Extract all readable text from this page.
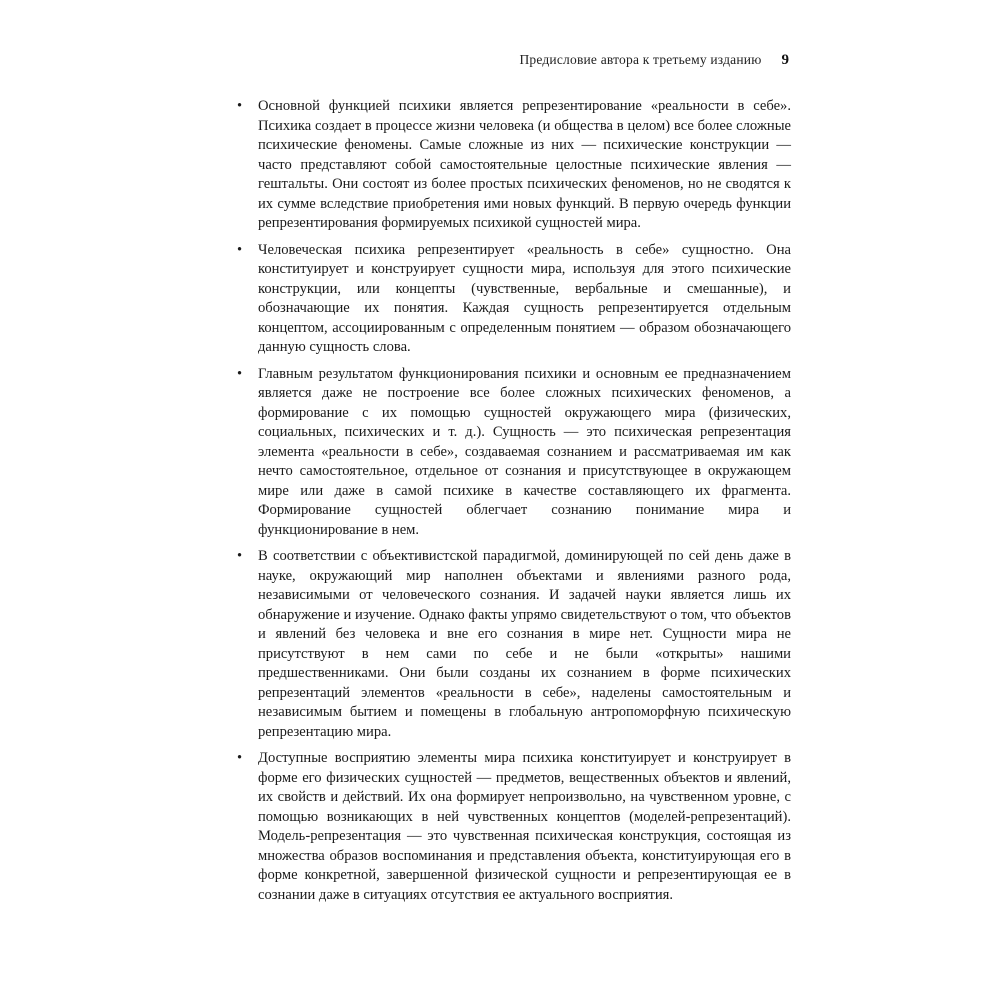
Предисловие автора к третьему изданию 9
•	Основной функцией психики является репрезентирование «реальности в себе». Психика создает в процессе жизни человека (и общества в целом) все более сложные психические феномены. Самые сложные из них — психические конструкции — часто представляют собой самостоятельные целостные психические явления — гештальты. Они состоят из более простых психических феноменов, но не сводятся к их сумме вследствие приобретения ими новых функций. В первую очередь функции репрезентирования формируемых психикой сущностей мира.

•	Человеческая психика репрезентирует «реальность в себе» сущностно. Она конституирует и конструирует сущности мира, используя для этого психические конструкции, или концепты (чувственные, вербальные и смешанные), и обозначающие их понятия. Каждая сущность репрезентируется отдельным концептом, ассоциированным с определенным понятием — образом обозначающего данную сущность слова.

•	Главным результатом функционирования психики и основным ее предназначением является даже не построение все более сложных психических феноменов, а формирование с их помощью сущностей окружающего мира (физических, социальных, психических и т. д.). Сущность — это психическая репрезентация элемента «реальности в себе», создаваемая сознанием и рассматриваемая им как нечто самостоятельное, отдельное от сознания и присутствующее в окружающем мире или даже в самой психике в качестве составляющего их фрагмента. Формирование сущностей облегчает сознанию понимание мира и функционирование в нем.

•	В соответствии с объективистской парадигмой, доминирующей по сей день даже в науке, окружающий мир наполнен объектами и явлениями разного рода, независимыми от человеческого сознания. И задачей науки является лишь их обнаружение и изучение. Однако факты упрямо свидетельствуют о том, что объектов и явлений без человека и вне его сознания в мире нет. Сущности мира не присутствуют в нем сами по себе и не были «открыты» нашими предшественниками. Они были созданы их сознанием в форме психических репрезентаций элементов «реальности в себе», наделены самостоятельным и независимым бытием и помещены в глобальную антропоморфную психическую репрезентацию мира.

•	Доступные восприятию элементы мира психика конституирует и конструирует в форме его физических сущностей — предметов, вещественных объектов и явлений, их свойств и действий. Их она формирует непроизвольно, на чувственном уровне, с помощью возникающих в ней чувственных концептов (моделей-репрезентаций). Модель-репрезентация — это чувственная психическая конструкция, состоящая из множества образов воспоминания и представления объекта, конституирующая его в форме конкретной, завершенной физической сущности и репрезентирующая ее в сознании даже в ситуациях отсутствия ее актуального восприятия.
